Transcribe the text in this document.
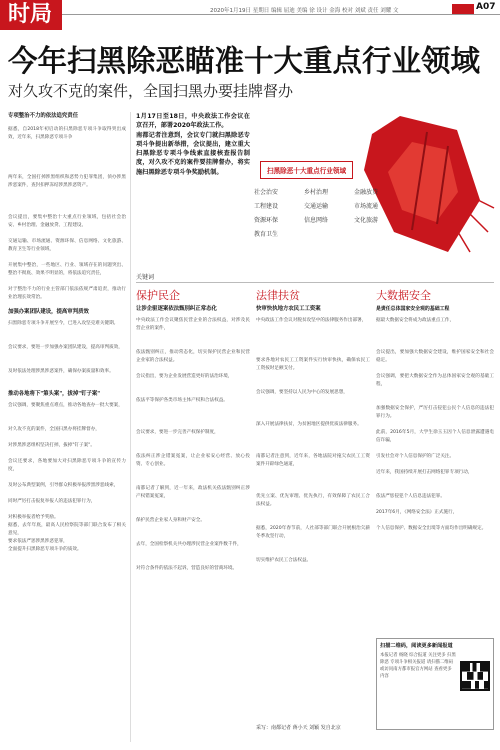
时局	2020年1月19日 星期日 编辑 屈迪 美编 徐 设计 金海 校对 刘斌 责任 刘耀 文	A07
今年扫黑除恶瞄准十大重点行业领域
对久攻不克的案件，全国扫黑办要挂牌督办
专项整治不力的依法追究责任

据悉，自2018年初启动的扫黑除恶专项斗争取得突出成效，近年来，扫黑除恶专项斗争

两年来，全国打掉涉黑组织和恶势力犯罪集团，侦办涉黑涉恶案件，查封扣押冻结涉黑涉恶资产。

会议提出，要集中整治十大重点行业领域，包括社会治安、乡村治理、金融放贷、工程建设、

交通运输、市场流通、资源环保、信息网络、文化旅游、教育卫生等行业领域，

开展集中整治，一些地区、行业、领域存在的问题突出、整治不彻底、效果不明显的，将依法追究责任，

对于整治不力的行业主管部门依法依规严肃追责，推动行业治理长效常治。

加强办案团队建设，提高审判质效

扫黑除恶专项斗争开展至今，已进入攻坚克难关键期。

会议要求，要进一步加强办案团队建设，提高审判质效，

及时依法处理涉黑涉恶案件，确保办案质量和效率。

推动各地将下"第头案"，拔掉"钉子案"

会议强调，要聚焦重点难点，推动各地查办一批大要案，

对久攻不克的案件，全国扫黑办将挂牌督办，

对涉黑涉恶组织坚决打掉，拔掉"钉子案"。

会议还要求，各地要加大对扫黑除恶专项斗争的宣传力度，

及时公布典型案例，引导群众积极举报涉黑涉恶线索，

同时严厉打击报复举报人的违法犯罪行为，

对积极举报者给予奖励。

据悉，去年年底，最高人民检察院等部门联合发布了相关意见，

要求依法严惩涉黑涉恶犯罪，

全面提升扫黑除恶专项斗争的质效。

1月17日至18日，中央政法工作会议在京召开，部署2020年政法工作。
南都记者注意到，会议专门就扫黑除恶专项斗争提出新举措，会议提出，建立重大扫黑除恶专项斗争线索直接核查报告制度，对久攻不克的案件要挂牌督办，将实施扫黑除恶专项斗争奖励机制。	扫黑除恶十大重点行业领域
社会治安	乡村治理	金融放贷
工程建设	交通运输	市场流通
资源环保	信息网络	文化旅游
教育卫生
关键词
保护民企
让涉企驱逐案依法甄别纠正常态化

中央政法工作会议聚焦民营企业的合法权益，对涉及民营企业的案件，

依法甄别纠正，推动常态化，切实保护民营企业和民营企业家的合法权益。

会议指出，要为企业发展营造更好的法治环境，

依法平等保护各类市场主体产权和合法权益。

会议要求，要进一步完善产权保护制度，

依法纠正涉企错案冤案，让企业家安心经营、放心投资、专心创业。

南都记者了解到，近一年来，政法机关依法甄别纠正涉产权错案冤案，

保护民营企业家人身和财产安全。

去年，全国检察机关共办理涉民营企业案件数千件，

对符合条件的依法不起诉，营造良好的营商环境。

法律扶贫
快审快执地方农民工工资案

中央政法工作会议对脱贫攻坚中的法律服务作出部署，

要求各地对农民工工资案件实行快审快执，确保农民工工资按时足额支付。

会议强调，要坚持以人民为中心的发展思想，

深入开展法律扶贫，为贫困地区提供优质法律服务。

南都记者注意到，近年来，各地法院对拖欠农民工工资案件开辟绿色通道，

优先立案、优先审理、优先执行，有效保障了农民工合法权益。

据悉，2020年春节前，人社部等部门联合开展根治欠薪冬季攻坚行动，

切实维护农民工合法权益。

采写：南都记者 蒋小天 刘颖 发自北京
大数据安全
是责任总体国家安全观的基础工程

据最大数据安全将成为政法重点工作，

会议提出，要加强大数据安全建设，维护国家安全和社会稳定。

会议强调，要把大数据安全作为总体国家安全观的基础工程，

加强数据安全保护，严厉打击侵犯公民个人信息的违法犯罪行为。

此前，2016年5月，大学生徐玉玉因个人信息泄露遭遇电信诈骗，

引发社会对个人信息保护的广泛关注。

近年来，我国持续开展打击网络犯罪专项行动，

依法严惩侵犯个人信息违法犯罪。

2017年6月，《网络安全法》正式施行，

个人信息保护、数据安全出境等方面均作出明确规定。

扫描二维码，阅读更多新闻报道
本报记者 杨晓 综合报道 关注更多 扫黑除恶 专项斗争相关报道 请扫描二维码 或访问南方都市报官方网站 查看更多内容
